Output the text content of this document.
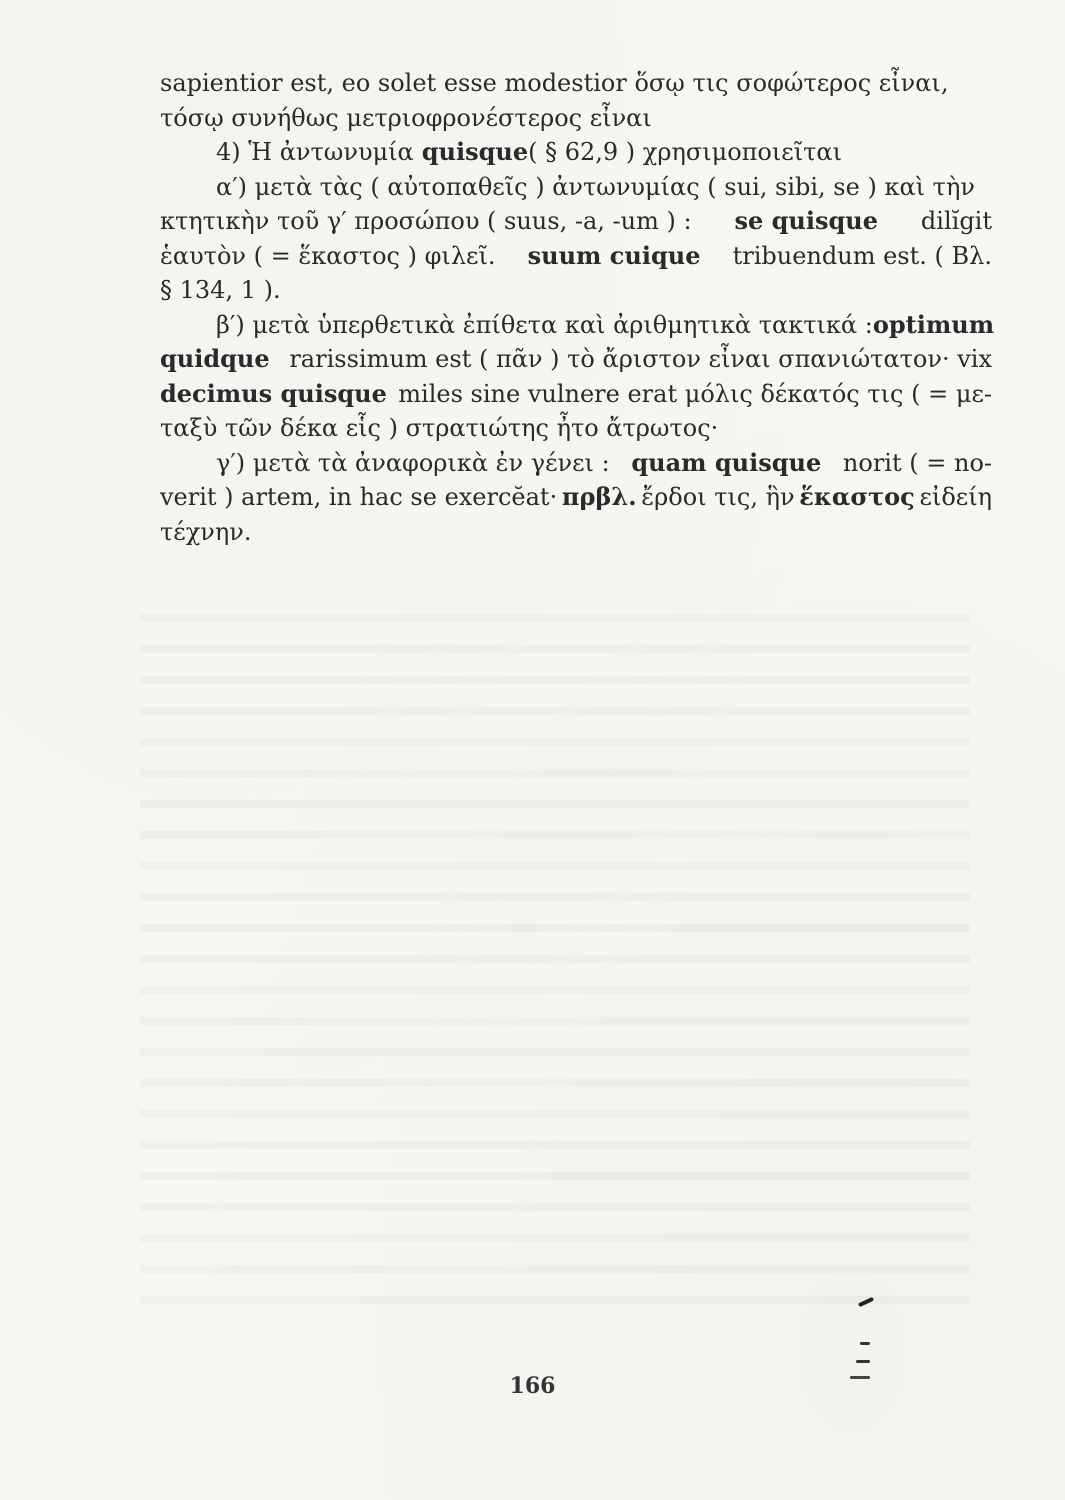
sapientior est, eo solet esse modestior ὅσῳ τις σοφώτερος εἶναι,
τόσῳ συνήθως μετριοφρονέστερος εἶναι
4) Ἡ ἀντωνυμία quisque ( § 62,9 ) χρησιμοποιεῖται
α′) μετὰ τὰς ( αὐτοπαθεῖς ) ἀντωνυμίας ( sui, sibi, se ) καὶ τὴν
κτητικὴν τοῦ γ′ προσώπου ( suus, -a, -um ) : se quisque dilĭgit
ἑαυτὸν ( = ἕκαστος ) φιλεῖ. suum cuique tribuendum est. ( Βλ.
§ 134, 1 ).
β′) μετὰ ὑπερθετικὰ ἐπίθετα καὶ ἀριθμητικὰ τακτικά : optimum
quidque rarissimum est ( πᾶν ) τὸ ἄριστον εἶναι σπανιώτατον· vix
decimus quisque miles sine vulnere erat μόλις δέκατός τις ( = με-
ταξὺ τῶν δέκα εἷς ) στρατιώτης ἦτο ἄτρωτος·
γ′) μετὰ τὰ ἀναφορικὰ ἐν γένει : quam quisque norit ( = no-
verit ) artem, in hac se exercĕat· πρβλ. ἔρδοι τις, ἣν ἕκαστος εἰδείη
τέχνην.
166
